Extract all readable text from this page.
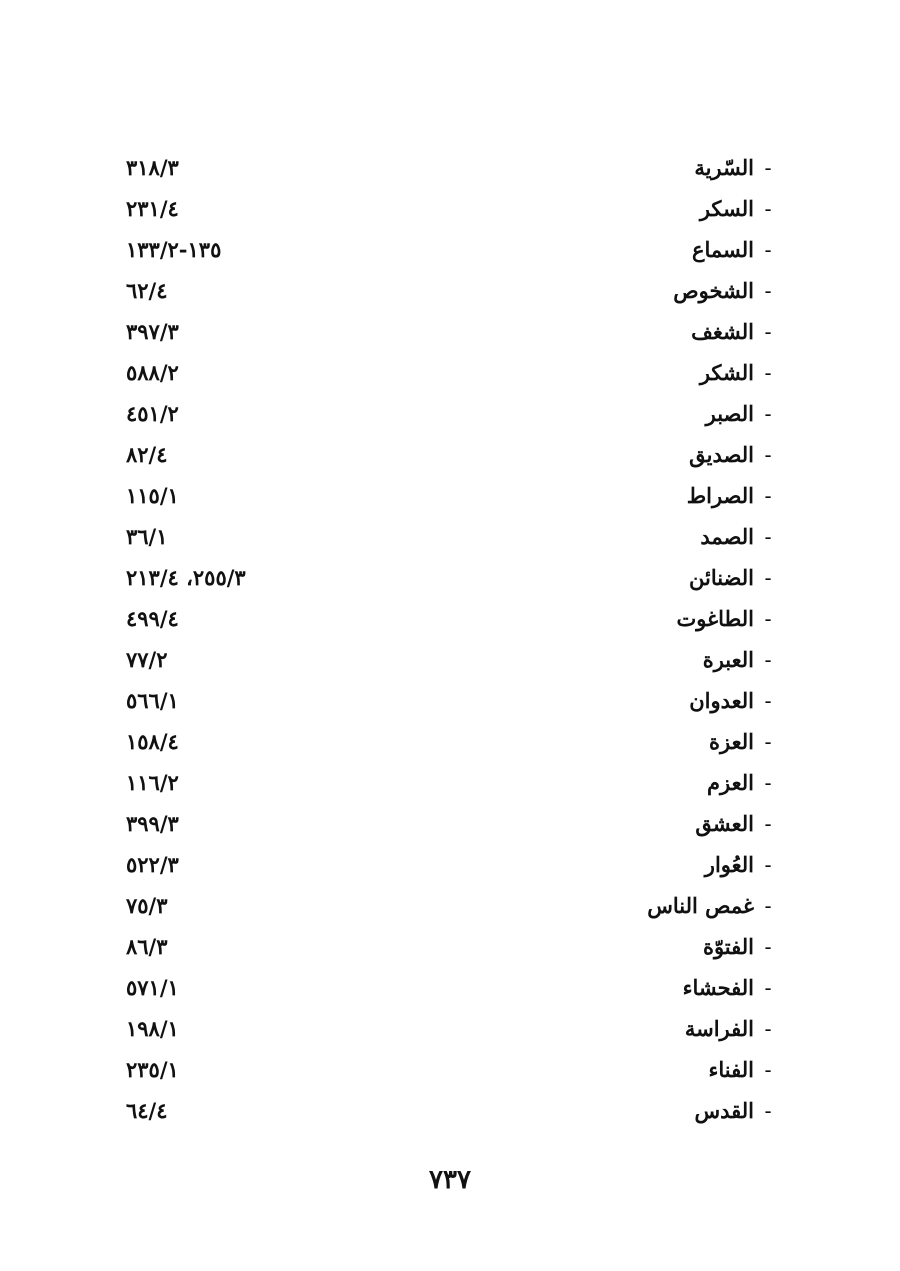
-السّرية
٣١٨/٣
-السكر
٢٣١/٤
-السماع
١٣٥-١٣٣/٢
-الشخوص
٦٢/٤
-الشغف
٣٩٧/٣
-الشكر
٥٨٨/٢
-الصبر
٤٥١/٢
-الصديق
٨٢/٤
-الصراط
١١٥/١
-الصمد
٣٦/١
-الضنائن
٢٥٥/٣، ٢١٣/٤
-الطاغوت
٤٩٩/٤
-العبرة
٧٧/٢
-العدوان
٥٦٦/١
-العزة
١٥٨/٤
-العزم
١١٦/٢
-العشق
٣٩٩/٣
-العُوار
٥٢٢/٣
-غمص الناس
٧٥/٣
-الفتوّة
٨٦/٣
-الفحشاء
٥٧١/١
-الفراسة
١٩٨/١
-الفناء
٢٣٥/١
-القدس
٦٤/٤
٧٣٧
